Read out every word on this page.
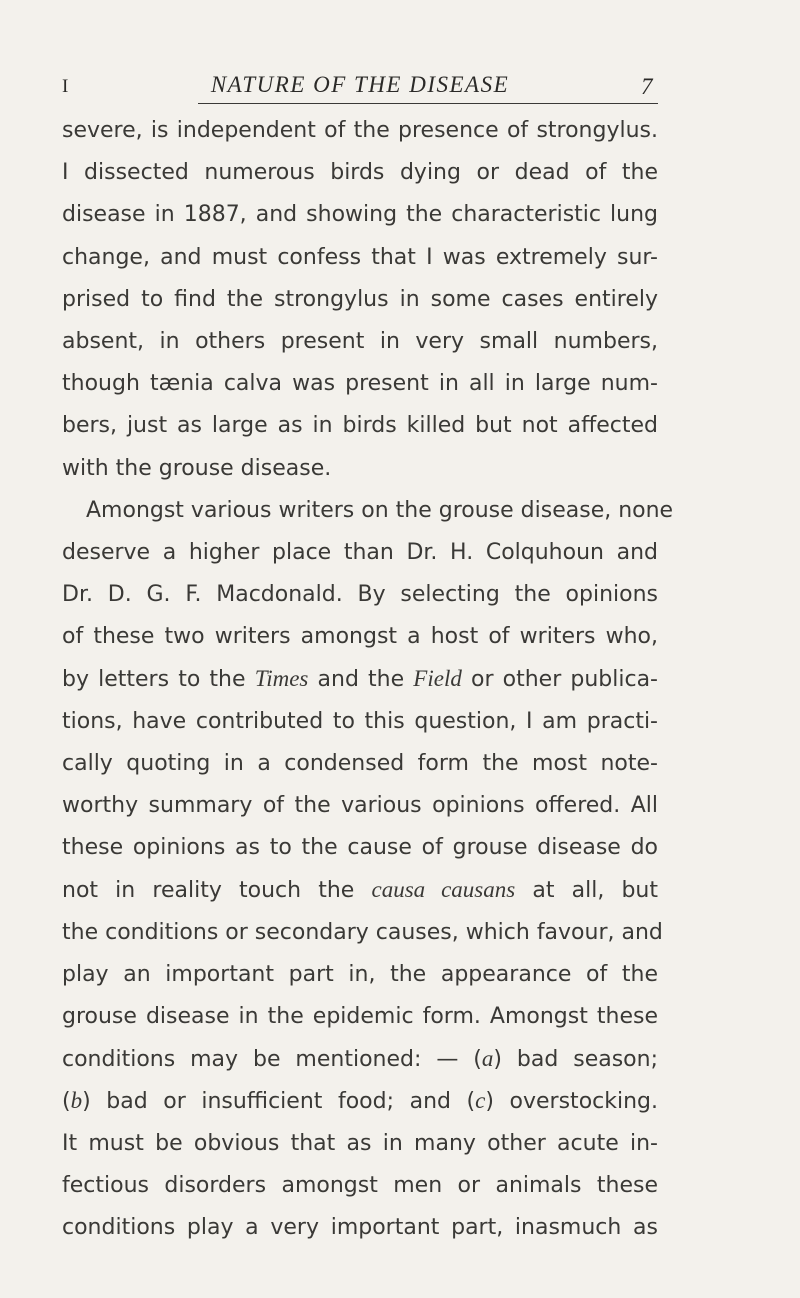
I	NATURE OF THE DISEASE	7
severe, is independent of the presence of strongylus.
I dissected numerous birds dying or dead of the
disease in 1887, and showing the characteristic lung
change, and must confess that I was extremely sur-
prised to find the strongylus in some cases entirely
absent, in others present in very small numbers,
though tænia calva was present in all in large num-
bers, just as large as in birds killed but not affected
with the grouse disease.
Amongst various writers on the grouse disease, none
deserve a higher place than Dr. H. Colquhoun and
Dr. D. G. F. Macdonald. By selecting the opinions
of these two writers amongst a host of writers who,
by letters to the Times and the Field or other publica-
tions, have contributed to this question, I am practi-
cally quoting in a condensed form the most note-
worthy summary of the various opinions offered. All
these opinions as to the cause of grouse disease do
not in reality touch the causa causans at all, but
the conditions or secondary causes, which favour, and
play an important part in, the appearance of the
grouse disease in the epidemic form. Amongst these
conditions may be mentioned: — (a) bad season;
(b) bad or insufficient food; and (c) overstocking.
It must be obvious that as in many other acute in-
fectious disorders amongst men or animals these
conditions play a very important part, inasmuch as
